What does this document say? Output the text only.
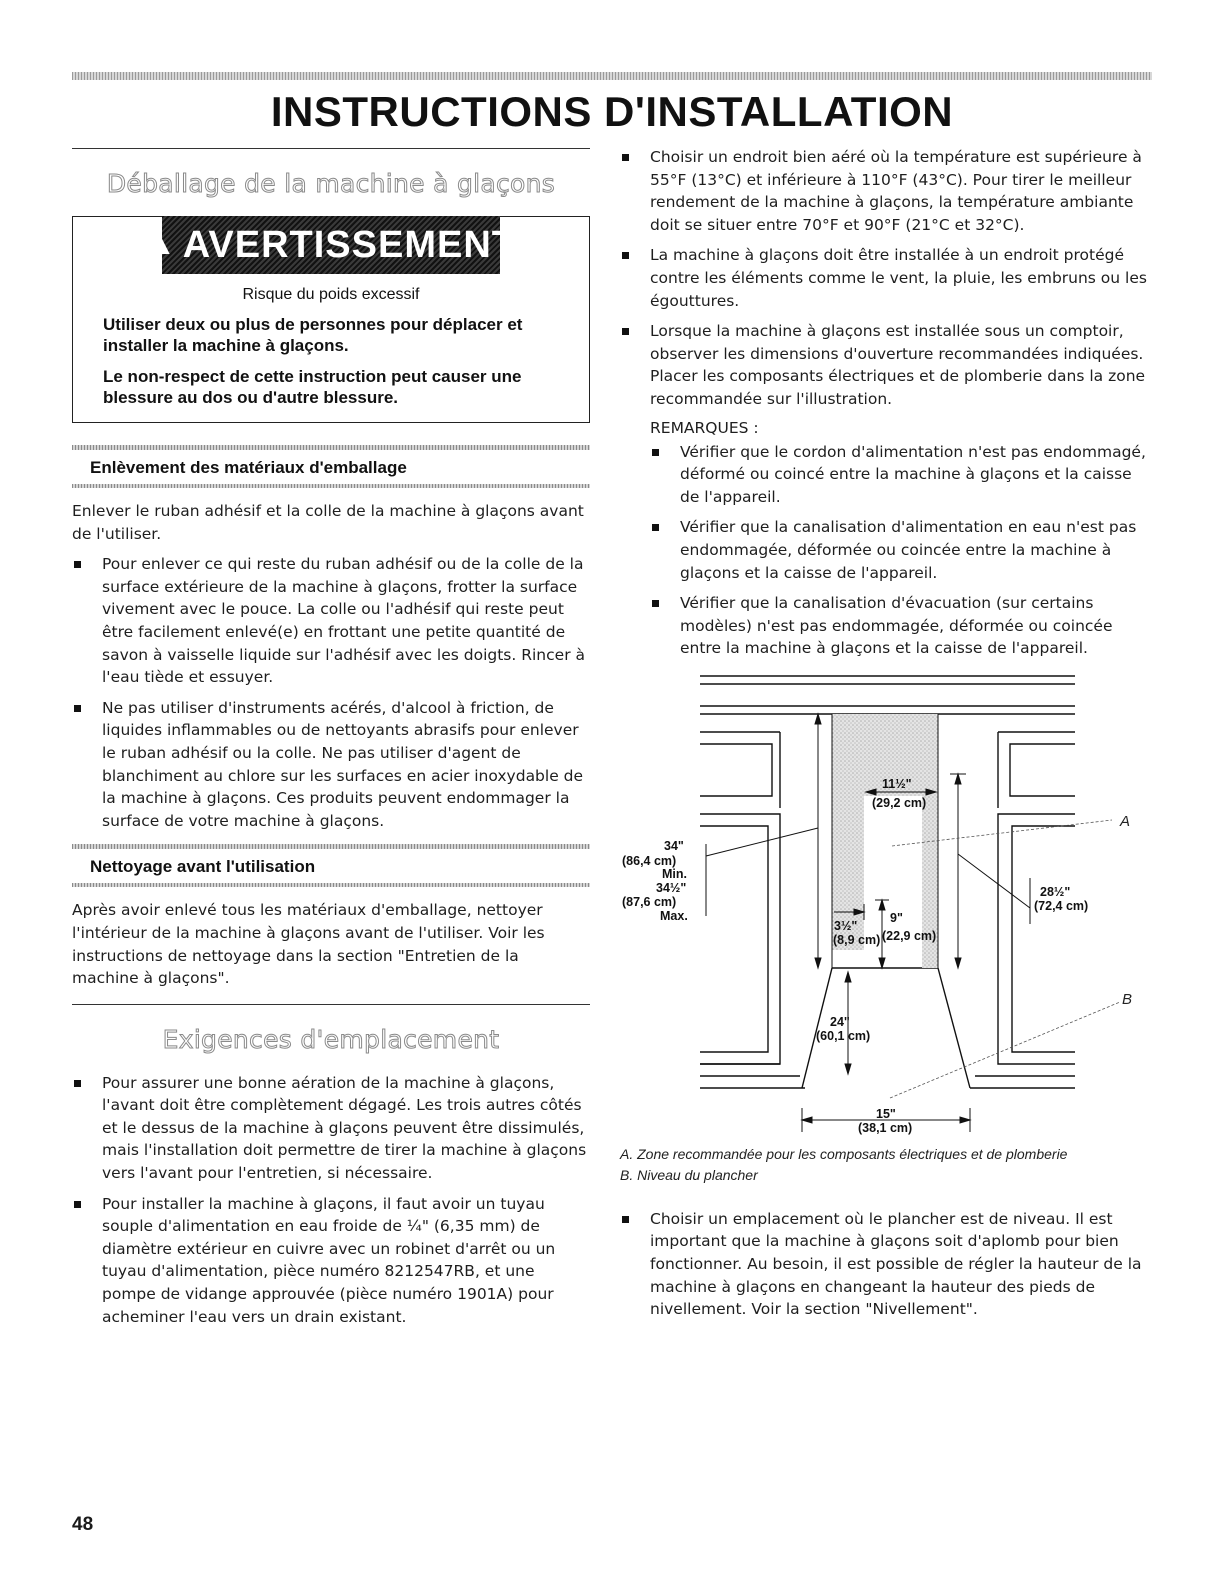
INSTRUCTIONS D'INSTALLATION
Déballage de la machine à glaçons
▲ AVERTISSEMENT
Risque du poids excessif

Utiliser deux ou plus de personnes pour déplacer et installer la machine à glaçons.

Le non-respect de cette instruction peut causer une blessure au dos ou d'autre blessure.

Enlèvement des matériaux d'emballage

Enlever le ruban adhésif et la colle de la machine à glaçons avant de l'utiliser.

Pour enlever ce qui reste du ruban adhésif ou de la colle de la surface extérieure de la machine à glaçons, frotter la surface vivement avec le pouce. La colle ou l'adhésif qui reste peut être facilement enlevé(e) en frottant une petite quantité de savon à vaisselle liquide sur l'adhésif avec les doigts. Rincer à l'eau tiède et essuyer.
Ne pas utiliser d'instruments acérés, d'alcool à friction, de liquides inflammables ou de nettoyants abrasifs pour enlever le ruban adhésif ou la colle. Ne pas utiliser d'agent de blanchiment au chlore sur les surfaces en acier inoxydable de la machine à glaçons. Ces produits peuvent endommager la surface de votre machine à glaçons.
Nettoyage avant l'utilisation

Après avoir enlevé tous les matériaux d'emballage, nettoyer l'intérieur de la machine à glaçons avant de l'utiliser. Voir les instructions de nettoyage dans la section "Entretien de la machine à glaçons".

Exigences d'emplacement
Pour assurer une bonne aération de la machine à glaçons, l'avant doit être complètement dégagé. Les trois autres côtés et le dessus de la machine à glaçons peuvent être dissimulés, mais l'installation doit permettre de tirer la machine à glaçons vers l'avant pour l'entretien, si nécessaire.
Pour installer la machine à glaçons, il faut avoir un tuyau souple d'alimentation en eau froide de ¼" (6,35 mm) de diamètre extérieur en cuivre avec un robinet d'arrêt ou un tuyau d'alimentation, pièce numéro 8212547RB, et une pompe de vidange approuvée (pièce numéro 1901A) pour acheminer l'eau vers un drain existant.
Choisir un endroit bien aéré où la température est supérieure à 55°F (13°C) et inférieure à 110°F (43°C). Pour tirer le meilleur rendement de la machine à glaçons, la température ambiante doit se situer entre 70°F et 90°F (21°C et 32°C).
La machine à glaçons doit être installée à un endroit protégé contre les éléments comme le vent, la pluie, les embruns ou les égouttures.
Lorsque la machine à glaçons est installée sous un comptoir, observer les dimensions d'ouverture recommandées indiquées. Placer les composants électriques et de plomberie dans la zone recommandée sur l'illustration.
REMARQUES :
Vérifier que le cordon d'alimentation n'est pas endommagé, déformé ou coincé entre la machine à glaçons et la caisse de l'appareil.
Vérifier que la canalisation d'alimentation en eau n'est pas endommagée, déformée ou coincée entre la machine à glaçons et la caisse de l'appareil.
Vérifier que la canalisation d'évacuation (sur certains modèles) n'est pas endommagée, déformée ou coincée entre la machine à glaçons et la caisse de l'appareil.
34"
(86,4 cm)
Min.
34½"
(87,6 cm)
Max.
11½"
(29,2 cm)
3½"
(8,9 cm)
9"
(22,9 cm)
24"
(60,1 cm)
15"
(38,1 cm)
28½"
(72,4 cm)
A
B

A. Zone recommandée pour les composants électriques et de plomberie

B. Niveau du plancher

Choisir un emplacement où le plancher est de niveau. Il est important que la machine à glaçons soit d'aplomb pour bien fonctionner. Au besoin, il est possible de régler la hauteur de la machine à glaçons en changeant la hauteur des pieds de nivellement. Voir la section "Nivellement".
48
